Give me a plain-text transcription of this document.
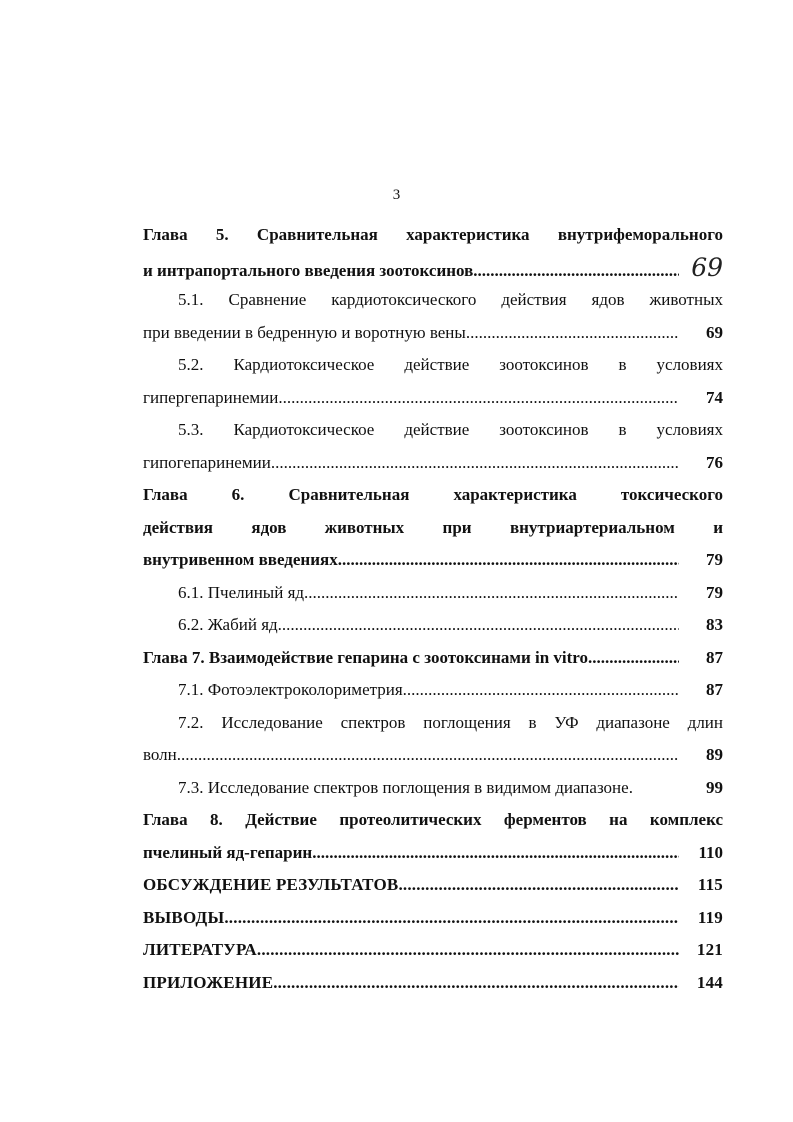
3
Глава 5. Сравнительная характеристика внутрифеморального
и интрапортального введения зоотоксинов .....	69
5.1. Сравнение кардиотоксического действия ядов животных
при введении в бедренную и воротную вены .....	69
5.2. Кардиотоксическое действие зоотоксинов в условиях
гипергепаринемии .....	74
5.3. Кардиотоксическое действие зоотоксинов в условиях
гипогепаринемии .....	76
Глава 6. Сравнительная характеристика токсического
действия ядов животных при внутриартериальном и
внутривенном введениях .....	79
6.1. Пчелиный яд .....	79
6.2. Жабий яд .....	83
Глава 7. Взаимодействие гепарина с зоотоксинами in vitro .....	87
7.1. Фотоэлектроколориметрия .....	87
7.2. Исследование спектров поглощения в УФ диапазоне длин
волн .....	89
7.3. Исследование спектров поглощения в видимом диапазоне.	99
Глава 8. Действие протеолитических ферментов на комплекс
пчелиный яд-гепарин .....	110
ОБСУЖДЕНИЕ РЕЗУЛЬТАТОВ .....	115
ВЫВОДЫ .....	119
ЛИТЕРАТУРА .....	121
ПРИЛОЖЕНИЕ .....	144
